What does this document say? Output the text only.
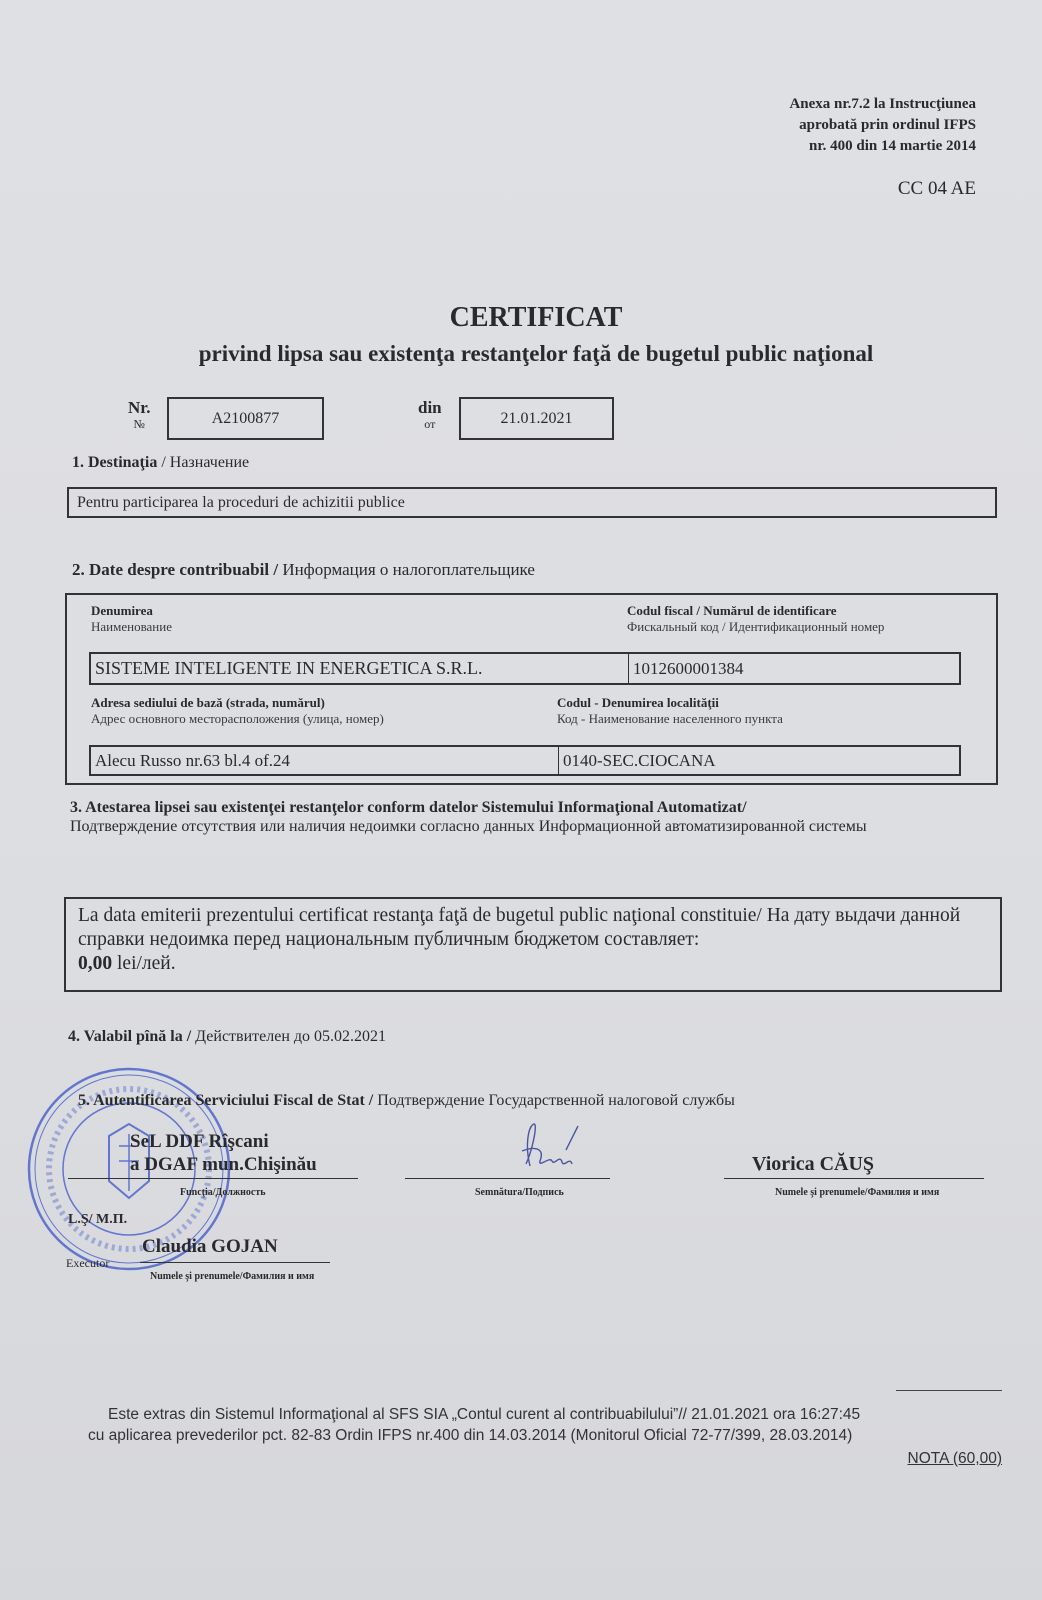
Anexa nr.7.2 la Instrucţiunea
aprobată prin ordinul IFPS
nr. 400 din 14 martie 2014
CC 04 AE
CERTIFICAT
privind lipsa sau existenţa restanţelor faţă de bugetul public naţional
Nr.
№	A2100877
din
от	21.01.2021
1. Destinaţia / Назначение
Pentru participarea la proceduri de achizitii publice
2. Date despre contribuabil / Информация о налогоплательщике
Denumirea
Наименование
Codul fiscal / Numărul de identificare
Фискальный код / Идентификационный номер
SISTEME INTELIGENTE IN ENERGETICA S.R.L.	1012600001384
Adresa sediului de bază (strada, numărul)
Адрес основного месторасположения (улица, номер)
Codul - Denumirea localităţii
Код - Наименование населенного пункта
Alecu Russo nr.63 bl.4 of.24	0140-SEC.CIOCANA
3. Atestarea lipsei sau existenţei restanţelor conform datelor Sistemului Informaţional Automatizat/
Подтверждение отсутствия или наличия недоимки согласно данных Информационной автоматизированной системы
La data emiterii prezentului certificat restanţa faţă de bugetul public naţional constituie/ На дату выдачи данной справки недоимка перед национальным публичным бюджетом составляет:
0,00 lei/лей.
4. Valabil pînă la / Действителен до 05.02.2021
5. Autentificarea Serviciului Fiscal de Stat / Подтверждение Государственной налоговой службы
SeL DDF Rîşcani
a DGAF mun.Chişinău
Funcţia/Должность	Semnătura/Подпись
Viorica CĂUŞ
Numele şi prenumele/Фамилия и имя
L.Ş/ М.П.
Executor
Claudia GOJAN
Numele şi prenumele/Фамилия и имя
Este extras din Sistemul Informaţional al SFS SIA „Contul curent al contribuabilului”// 21.01.2021 ora 16:27:45
cu aplicarea prevederilor pct. 82-83 Ordin IFPS nr.400 din 14.03.2014 (Monitorul Oficial 72-77/399, 28.03.2014)
NOTA (60,00)
